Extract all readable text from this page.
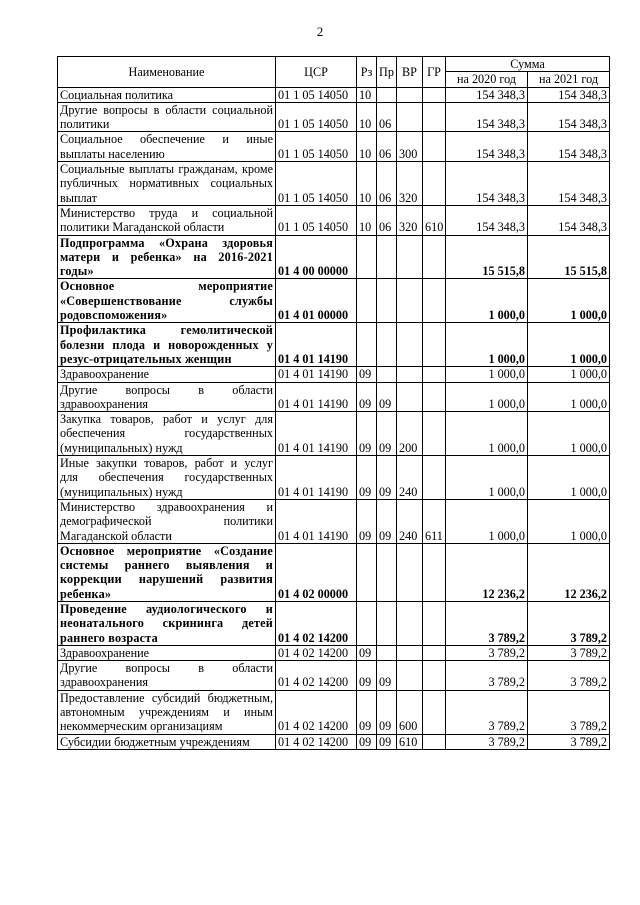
2
Наименование	ЦСР	Рз	Пр	ВР	ГР	Сумма	
						на 2020 год	на 2021 год
Социальная политика	01 1 05 14050	10				154 348,3	154 348,3
Другие вопросы в области социальной политики	01 1 05 14050	10	06			154 348,3	154 348,3
Социальное обеспечение и иные выплаты населению	01 1 05 14050	10	06	300		154 348,3	154 348,3
Социальные выплаты гражданам, кроме публичных нормативных социальных выплат	01 1 05 14050	10	06	320		154 348,3	154 348,3
Министерство труда и социальной политики Магаданской области	01 1 05 14050	10	06	320	610	154 348,3	154 348,3
Подпрограмма «Охрана здоровья матери и ребенка» на 2016-2021 годы»	01 4 00 00000					15 515,8	15 515,8
Основное мероприятие «Совершенствование службы родовспоможения»	01 4 01 00000					1 000,0	1 000,0
Профилактика гемолитической болезни плода и новорожденных у резус-отрицательных женщин	01 4 01 14190					1 000,0	1 000,0
Здравоохранение	01 4 01 14190	09				1 000,0	1 000,0
Другие вопросы в области здравоохранения	01 4 01 14190	09	09			1 000,0	1 000,0
Закупка товаров, работ и услуг для обеспечения государственных (муниципальных) нужд	01 4 01 14190	09	09	200		1 000,0	1 000,0
Иные закупки товаров, работ и услуг для обеспечения государственных (муниципальных) нужд	01 4 01 14190	09	09	240		1 000,0	1 000,0
Министерство здравоохранения и демографической политики Магаданской области	01 4 01 14190	09	09	240	611	1 000,0	1 000,0
Основное мероприятие «Создание системы раннего выявления и коррекции нарушений развития ребенка»	01 4 02 00000					12 236,2	12 236,2
Проведение аудиологического и неонатального скрининга детей раннего возраста	01 4 02 14200					3 789,2	3 789,2
Здравоохранение	01 4 02 14200	09				3 789,2	3 789,2
Другие вопросы в области здравоохранения	01 4 02 14200	09	09			3 789,2	3 789,2
Предоставление субсидий бюджетным, автономным учреждениям и иным некоммерческим организациям	01 4 02 14200	09	09	600		3 789,2	3 789,2
Субсидии бюджетным учреждениям	01 4 02 14200	09	09	610		3 789,2	3 789,2
